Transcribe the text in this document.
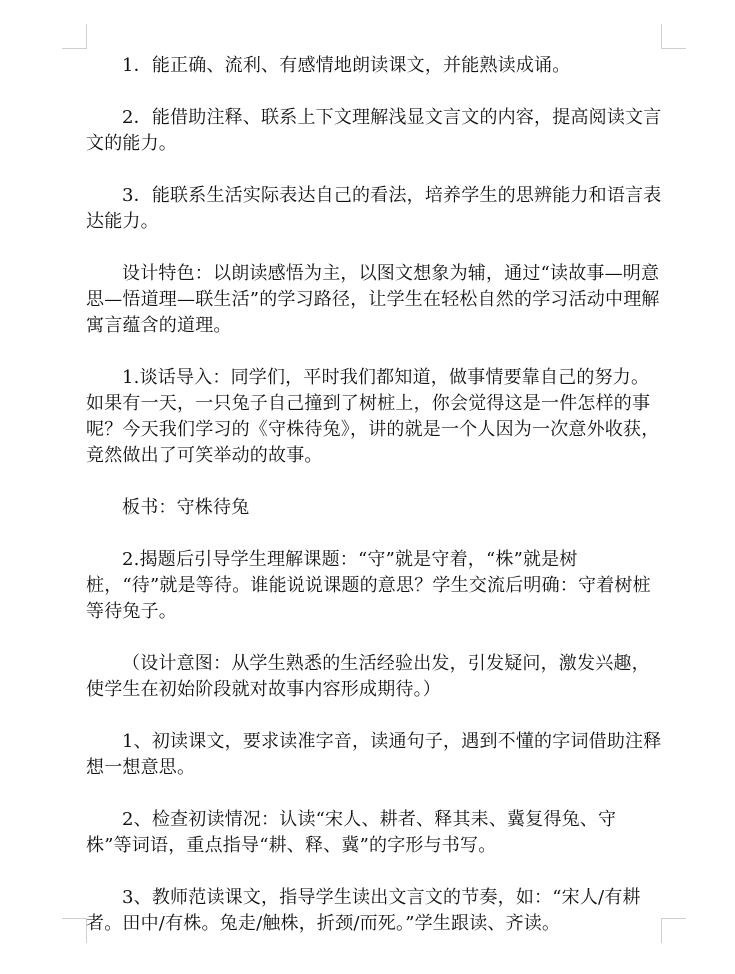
1．能正确、流利、有感情地朗读课文，并能熟读成诵。

2．能借助注释、联系上下文理解浅显文言文的内容，提高阅读文言文的能力。

3．能联系生活实际表达自己的看法，培养学生的思辨能力和语言表达能力。

设计特色：以朗读感悟为主，以图文想象为辅，通过“读故事—明意思—悟道理—联生活”的学习路径，让学生在轻松自然的学习活动中理解寓言蕴含的道理。

1.谈话导入：同学们，平时我们都知道，做事情要靠自己的努力。如果有一天，一只兔子自己撞到了树桩上，你会觉得这是一件怎样的事呢？今天我们学习的《守株待兔》，讲的就是一个人因为一次意外收获，竟然做出了可笑举动的故事。

板书：守株待兔

2.揭题后引导学生理解课题：“守”就是守着，“株”就是树桩，“待”就是等待。谁能说说课题的意思？学生交流后明确：守着树桩等待兔子。

（设计意图：从学生熟悉的生活经验出发，引发疑问，激发兴趣，使学生在初始阶段就对故事内容形成期待。）

1、初读课文，要求读准字音，读通句子，遇到不懂的字词借助注释想一想意思。

2、检查初读情况：认读“宋人、耕者、释其耒、冀复得兔、守株”等词语，重点指导“耕、释、冀”的字形与书写。

3、教师范读课文，指导学生读出文言文的节奏，如：“宋人/有耕者。田中/有株。兔走/触株，折颈/而死。”学生跟读、齐读。
